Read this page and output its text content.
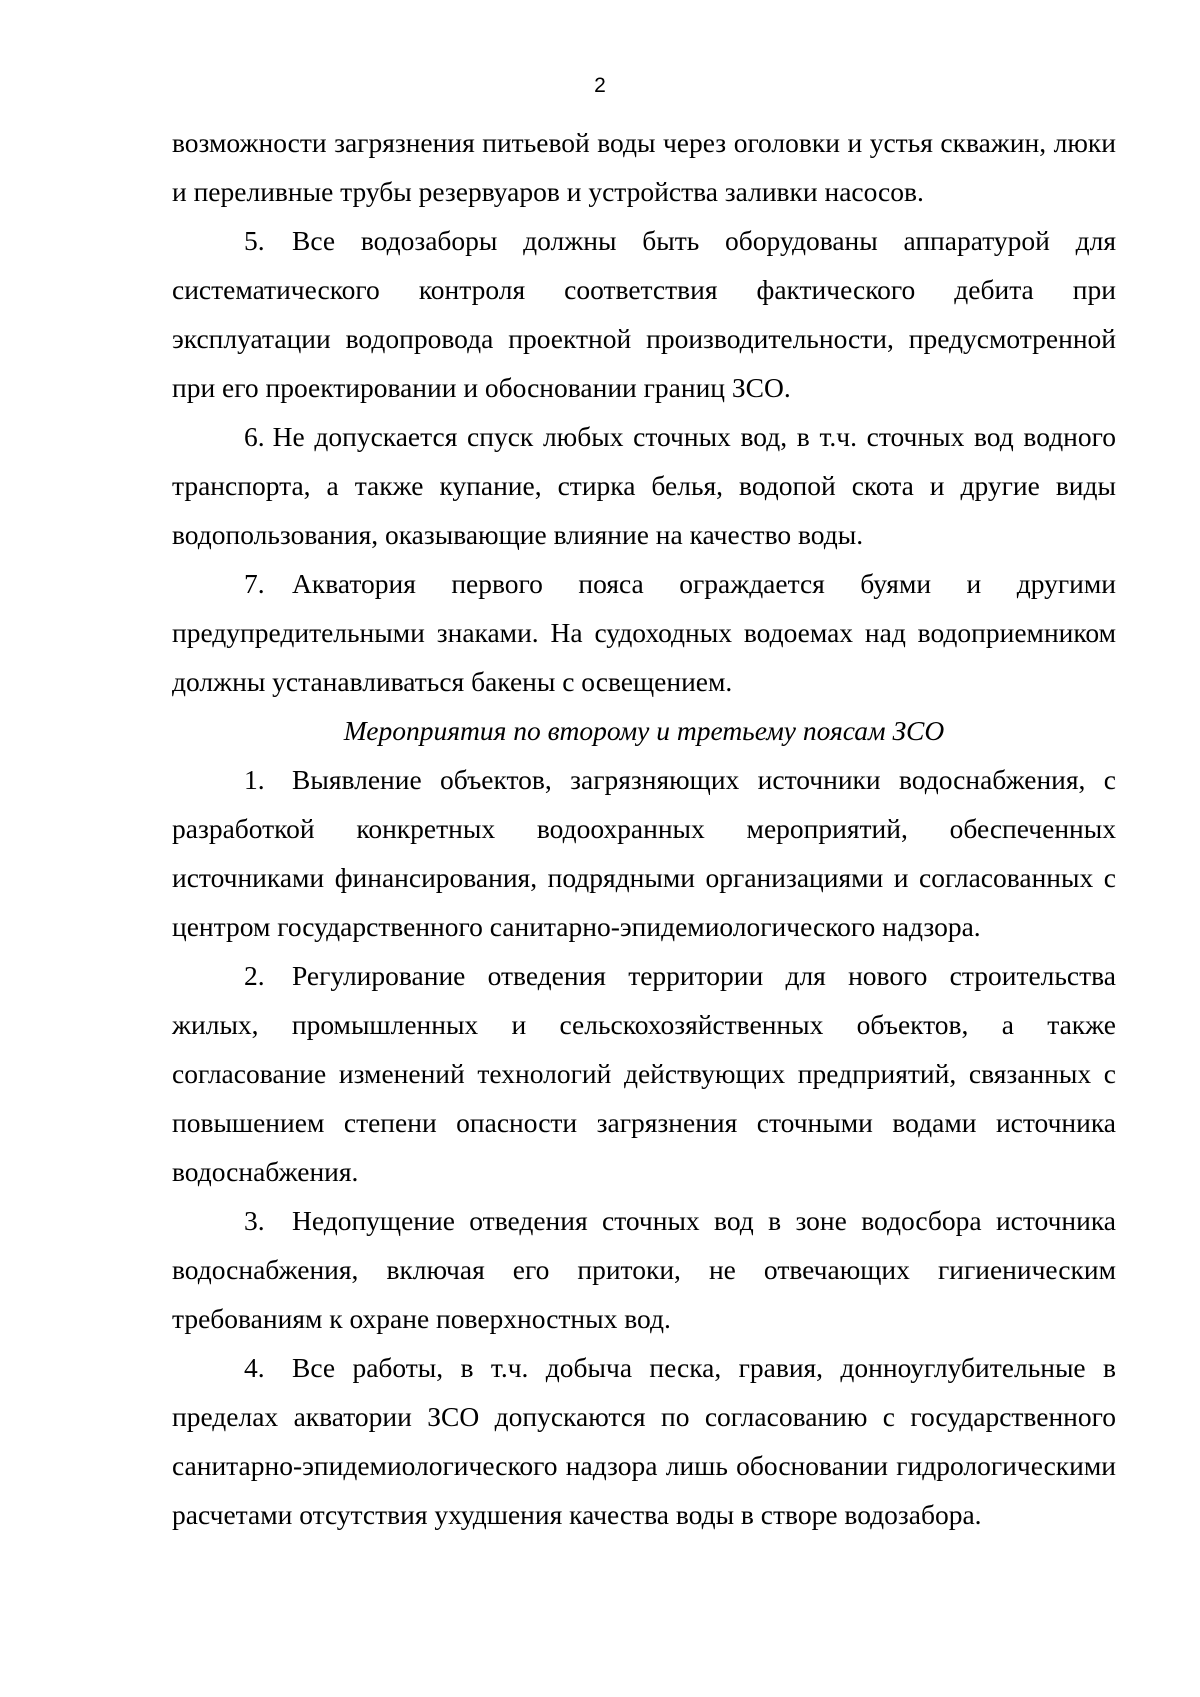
2

возможности загрязнения питьевой воды через оголовки и устья скважин, люки и переливные трубы резервуаров и устройства заливки насосов.

5. Все водозаборы должны быть оборудованы аппаратурой для систематического контроля соответствия фактического дебита при эксплуатации водопровода проектной производительности, предусмотренной при его проектировании и обосновании границ ЗСО.

6. Не допускается спуск любых сточных вод, в т.ч. сточных вод водного транспорта, а также купание, стирка белья, водопой скота и другие виды водопользования, оказывающие влияние на качество воды.

7. Акватория первого пояса ограждается буями и другими предупредительными знаками. На судоходных водоемах над водоприемником должны устанавливаться бакены с освещением.

Мероприятия по второму и третьему поясам ЗСО

1. Выявление объектов, загрязняющих источники водоснабжения, с разработкой конкретных водоохранных мероприятий, обеспеченных источниками финансирования, подрядными организациями и согласованных с центром государственного санитарно-эпидемиологического надзора.

2. Регулирование отведения территории для нового строительства жилых, промышленных и сельскохозяйственных объектов, а также согласование изменений технологий действующих предприятий, связанных с повышением степени опасности загрязнения сточными водами источника водоснабжения.

3. Недопущение отведения сточных вод в зоне водосбора источника водоснабжения, включая его притоки, не отвечающих гигиеническим требованиям к охране поверхностных вод.

4. Все работы, в т.ч. добыча песка, гравия, донноуглубительные в пределах акватории ЗСО допускаются по согласованию с государственного санитарно-эпидемиологического надзора лишь обосновании гидрологическими расчетами отсутствия ухудшения качества воды в створе водозабора.
